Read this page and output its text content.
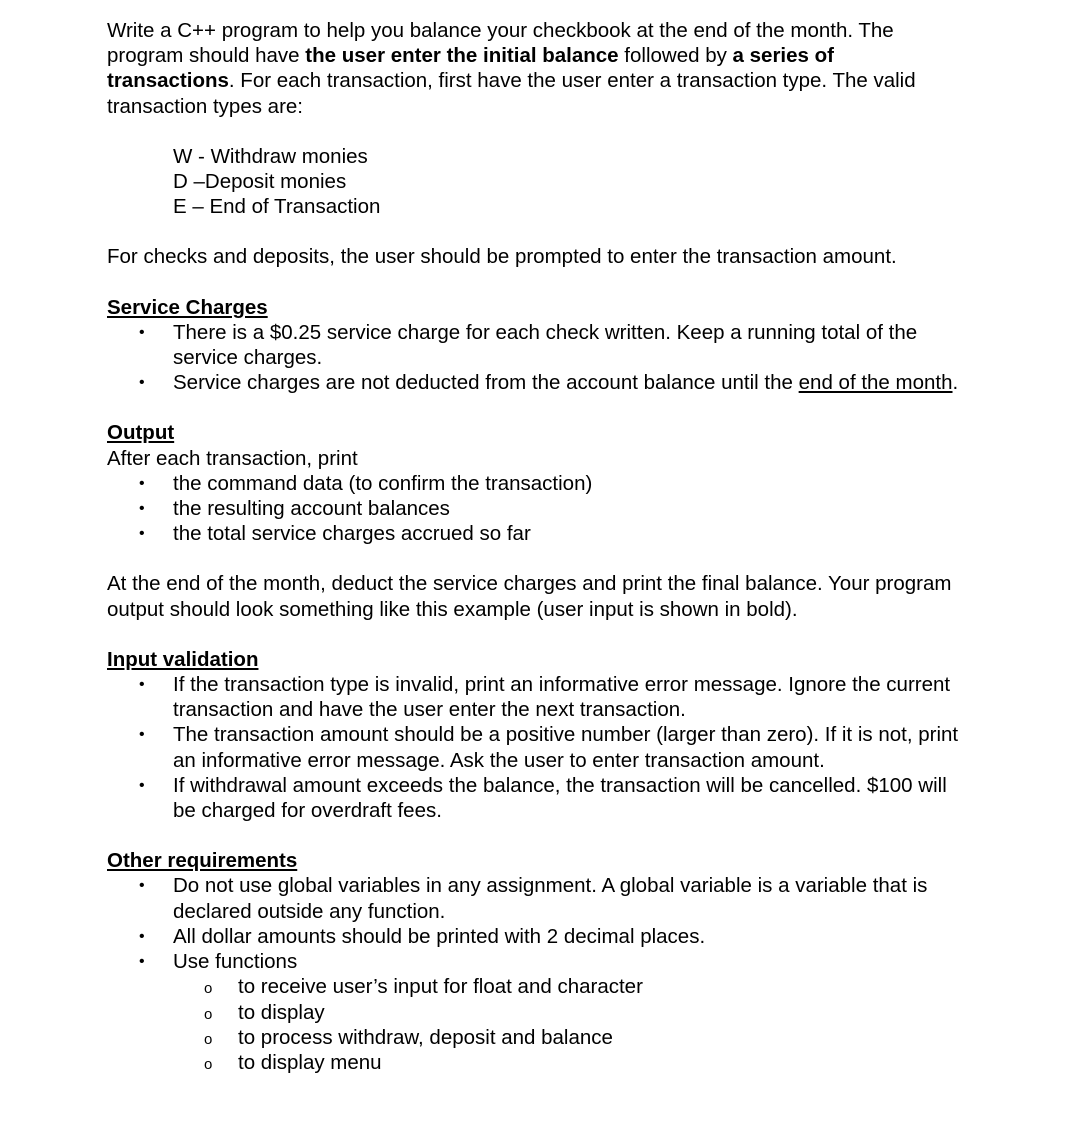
Write a C++ program to help you balance your checkbook at the end of the month. The program should have the user enter the initial balance followed by a series of transactions. For each transaction, first have the user enter a transaction type. The valid transaction types are:

W - Withdraw monies

D –Deposit monies

E – End of Transaction

For checks and deposits, the user should be prompted to enter the transaction amount.

Service Charges

• There is a $0.25 service charge for each check written. Keep a running total of the service charges.
• Service charges are not deducted from the account balance until the end of the month.

Output

After each transaction, print

• the command data (to confirm the transaction)
• the resulting account balances
• the total service charges accrued so far

At the end of the month, deduct the service charges and print the final balance. Your program output should look something like this example (user input is shown in bold).

Input validation

• If the transaction type is invalid, print an informative error message. Ignore the current transaction and have the user enter the next transaction.
• The transaction amount should be a positive number (larger than zero). If it is not, print an informative error message. Ask the user to enter transaction amount.
• If withdrawal amount exceeds the balance, the transaction will be cancelled. $100 will be charged for overdraft fees.

Other requirements

• Do not use global variables in any assignment. A global variable is a variable that is declared outside any function.
• All dollar amounts should be printed with 2 decimal places.
• Use functions
o to receive user’s input for float and character
o to display
o to process withdraw, deposit and balance
o to display menu
